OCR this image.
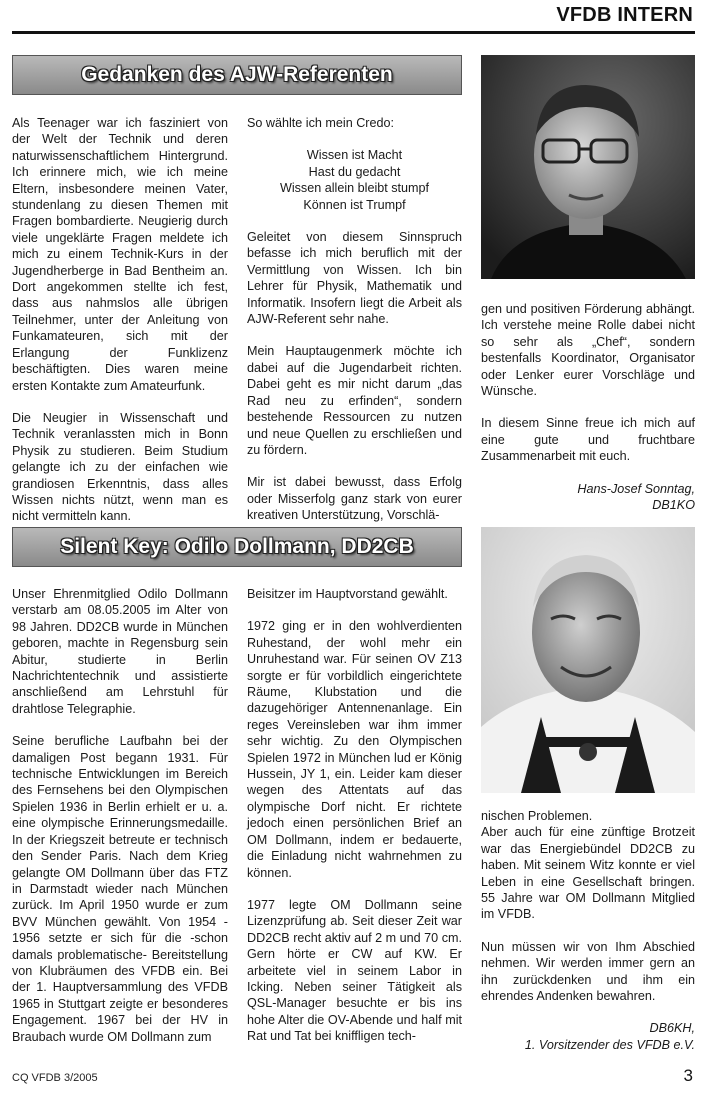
VFDB INTERN
Gedanken des AJW-Referenten

Als Teenager war ich fasziniert von der Welt der Technik und deren naturwissenschaftlichem Hintergrund. Ich erinnere mich, wie ich meine Eltern, insbesondere meinen Vater, stundenlang zu diesen Themen mit Fragen bombardierte. Neugierig durch viele ungeklärte Fragen meldete ich mich zu einem Technik-Kurs in der Jugendherberge in Bad Bentheim an. Dort angekommen stellte ich fest, dass aus nahmslos alle übrigen Teilnehmer, unter der Anleitung von Funkamateuren, sich mit der Erlangung der Funklizenz beschäftigten. Dies waren meine ersten Kontakte zum Amateurfunk.

Die Neugier in Wissenschaft und Technik veranlassten mich in Bonn Physik zu studieren. Beim Studium gelangte ich zu der einfachen wie grandiosen Erkenntnis, dass alles Wissen nichts nützt, wenn man es nicht vermitteln kann.

So wählte ich mein Credo:

Wissen ist Macht
Hast du gedacht
Wissen allein bleibt stumpf
Können ist Trumpf

Geleitet von diesem Sinnspruch befasse ich mich beruflich mit der Vermittlung von Wissen. Ich bin Lehrer für Physik, Mathematik und Informatik. Insofern liegt die Arbeit als AJW-Referent sehr nahe.

Mein Hauptaugenmerk möchte ich dabei auf die Jugendarbeit richten. Dabei geht es mir nicht darum „das Rad neu zu erfinden“, sondern bestehende Ressourcen zu nutzen und neue Quellen zu erschließen und zu fördern.

Mir ist dabei bewusst, dass Erfolg oder Misserfolg ganz stark von eurer kreativen Unterstützung, Vorschlä-

gen und positiven Förderung abhängt. Ich verstehe meine Rolle dabei nicht so sehr als „Chef“, sondern bestenfalls Koordinator, Organisator oder Lenker eurer Vorschläge und Wünsche.

In diesem Sinne freue ich mich auf eine gute und fruchtbare Zusammenarbeit mit euch.

Hans-Josef Sonntag,
DB1KO
Silent Key: Odilo Dollmann, DD2CB

Unser Ehrenmitglied Odilo Dollmann verstarb am 08.05.2005 im Alter von 98 Jahren. DD2CB wurde in München geboren, machte in Regensburg sein Abitur, studierte in Berlin Nachrichtentechnik und assistierte anschließend am Lehrstuhl für drahtlose Telegraphie.

Seine berufliche Laufbahn bei der damaligen Post begann 1931. Für technische Entwicklungen im Bereich des Fernsehens bei den Olympischen Spielen 1936 in Berlin erhielt er u. a. eine olympische Erinnerungsmedaille. In der Kriegszeit betreute er technisch den Sender Paris. Nach dem Krieg gelangte OM Dollmann über das FTZ in Darmstadt wieder nach München zurück. Im April 1950 wurde er zum BVV München gewählt. Von 1954 - 1956 setzte er sich für die -schon damals problematische- Bereitstellung von Klubräumen des VFDB ein. Bei der 1. Hauptversammlung des VFDB 1965 in Stuttgart zeigte er besonderes Engagement. 1967 bei der HV in Braubach wurde OM Dollmann zum

Beisitzer im Hauptvorstand gewählt.

1972 ging er in den wohlverdienten Ruhestand, der wohl mehr ein Unruhestand war. Für seinen OV Z13 sorgte er für vorbildlich eingerichtete Räume, Klubstation und die dazugehöriger Antennenanlage. Ein reges Vereinsleben war ihm immer sehr wichtig. Zu den Olympischen Spielen 1972 in München lud er König Hussein, JY 1, ein. Leider kam dieser wegen des Attentats auf das olympische Dorf nicht. Er richtete jedoch einen persönlichen Brief an OM Dollmann, indem er bedauerte, die Einladung nicht wahrnehmen zu können.

1977 legte OM Dollmann seine Lizenzprüfung ab. Seit dieser Zeit war DD2CB recht aktiv auf 2 m und 70 cm. Gern hörte er CW auf KW. Er arbeitete viel in seinem Labor in Icking. Neben seiner Tätigkeit als QSL-Manager besuchte er bis ins hohe Alter die OV-Abende und half mit Rat und Tat bei kniffligen tech-

nischen Problemen.
Aber auch für eine zünftige Brotzeit war das Energiebündel DD2CB zu haben. Mit seinem Witz konnte er viel Leben in eine Gesellschaft bringen. 55 Jahre war OM Dollmann Mitglied im VFDB.

Nun müssen wir von Ihm Abschied nehmen. Wir werden immer gern an ihn zurückdenken und ihm ein ehrendes Andenken bewahren.

DB6KH,
1. Vorsitzender des VFDB e.V.
CQ VFDB 3/2005	3
